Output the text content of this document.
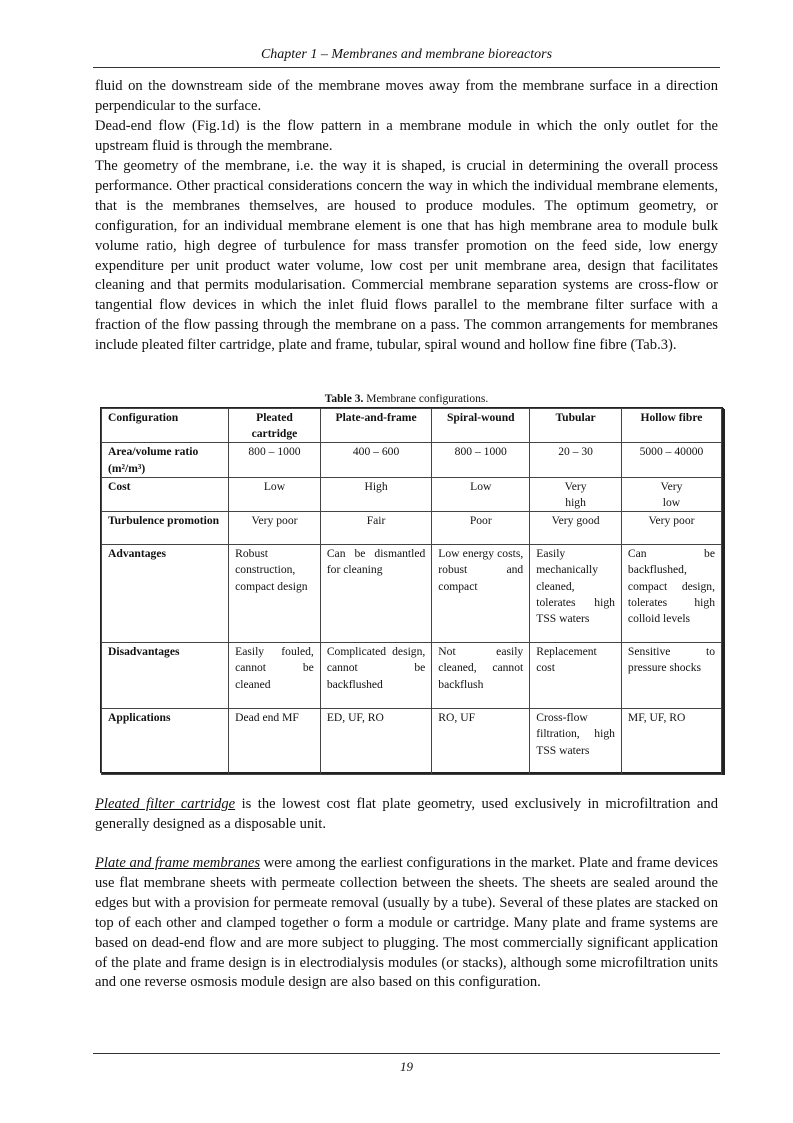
Chapter 1 – Membranes and membrane bioreactors

fluid on the downstream side of the membrane moves away from the membrane surface in a direction perpendicular to the surface.

Dead-end flow (Fig.1d) is the flow pattern in a membrane module in which the only outlet for the upstream fluid is through the membrane.

The geometry of the membrane, i.e. the way it is shaped, is crucial in determining the overall process performance. Other practical considerations concern the way in which the individual membrane elements, that is the membranes themselves, are housed to produce modules. The optimum geometry, or configuration, for an individual membrane element is one that has high membrane area to module bulk volume ratio, high degree of turbulence for mass transfer promotion on the feed side, low energy expenditure per unit product water volume, low cost per unit membrane area, design that facilitates cleaning and that permits modularisation. Commercial membrane separation systems are cross-flow or tangential flow devices in which the inlet fluid flows parallel to the membrane filter surface with a fraction of the flow passing through the membrane on a pass. The common arrangements for membranes include pleated filter cartridge, plate and frame, tubular, spiral wound and hollow fine fibre (Tab.3).

Table 3. Membrane configurations.
Configuration	Pleated cartridge	Plate-and-frame	Spiral-wound	Tubular	Hollow fibre
Area/volume ratio (m²/m³)	800 – 1000	400 – 600	800 – 1000	20 – 30	5000 – 40000
Cost	Low	High	Low	Very high	Very low
Turbulence promotion	Very poor	Fair	Poor	Very good	Very poor
Advantages	Robust construction, compact design	Can be dismantled for cleaning	Low energy costs, robust and compact	Easily mechanically cleaned, tolerates high TSS waters	Can be backflushed, compact design, tolerates high colloid levels
Disadvantages	Easily fouled, cannot be cleaned	Complicated design, cannot be backflushed	Not easily cleaned, cannot backflush	Replacement cost	Sensitive to pressure shocks
Applications	Dead end MF	ED, UF, RO	RO, UF	Cross-flow filtration, high TSS waters	MF, UF, RO

Pleated filter cartridge is the lowest cost flat plate geometry, used exclusively in microfiltration and generally designed as a disposable unit.

Plate and frame membranes were among the earliest configurations in the market. Plate and frame devices use flat membrane sheets with permeate collection between the sheets. The sheets are sealed around the edges but with a provision for permeate removal (usually by a tube). Several of these plates are stacked on top of each other and clamped together o form a module or cartridge. Many plate and frame systems are based on dead-end flow and are more subject to plugging. The most commercially significant application of the plate and frame design is in electrodialysis modules (or stacks), although some microfiltration units and one reverse osmosis module design are also based on this configuration.

19
